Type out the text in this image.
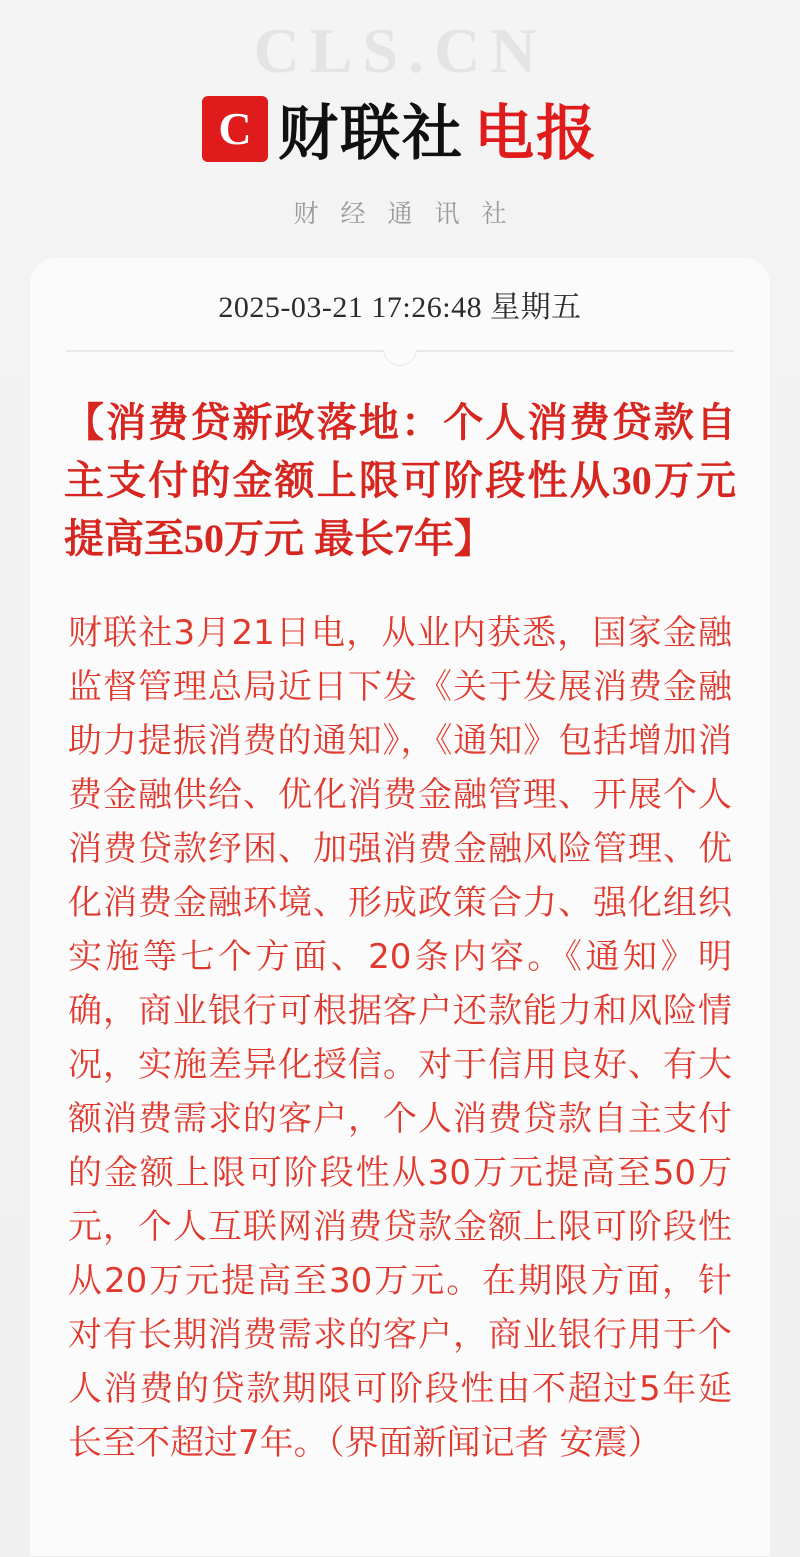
CLS.CN
C 财联社 电报
财经通讯社
2025-03-21 17:26:48 星期五
【消费贷新政落地：个人消费贷款自主支付的金额上限可阶段性从30万元提高至50万元 最长7年】

财联社3月21日电，从业内获悉，国家金融监督管理总局近日下发《关于发展消费金融助力提振消费的通知》，《通知》包括增加消费金融供给、优化消费金融管理、开展个人消费贷款纾困、加强消费金融风险管理、优化消费金融环境、形成政策合力、强化组织实施等七个方面、20条内容。《通知》明确，商业银行可根据客户还款能力和风险情况，实施差异化授信。对于信用良好、有大额消费需求的客户，个人消费贷款自主支付的金额上限可阶段性从30万元提高至50万元，个人互联网消费贷款金额上限可阶段性从20万元提高至30万元。在期限方面，针对有长期消费需求的客户，商业银行用于个人消费的贷款期限可阶段性由不超过5年延长至不超过7年。（界面新闻记者 安震）
